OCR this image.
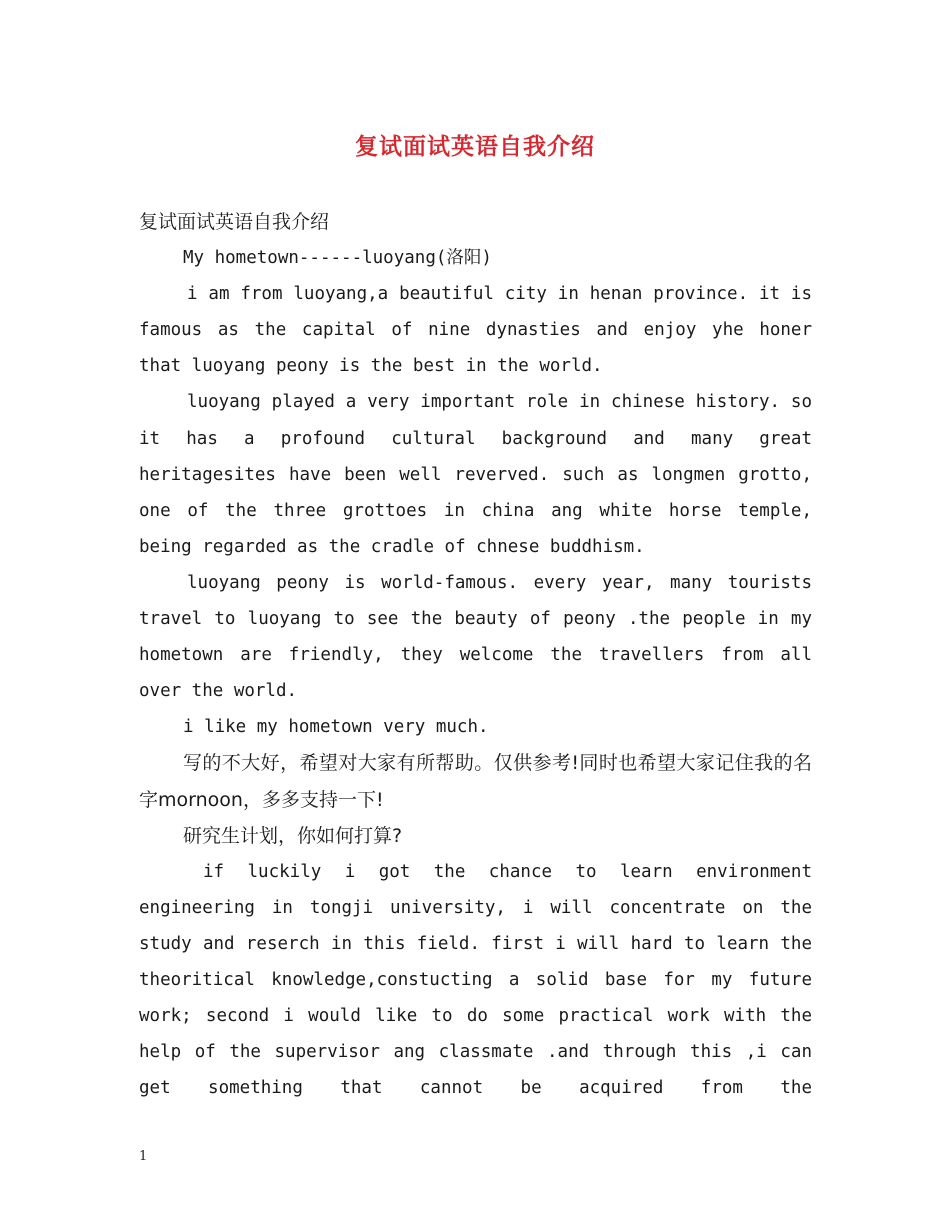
复试面试英语自我介绍

复试面试英语自我介绍

My hometown------luoyang(洛阳)

i am from luoyang,a beautiful city in henan province. it is famous as the capital of nine dynasties and enjoy yhe honer that luoyang peony is the best in the world.

luoyang played a very important role in chinese history. so it has a profound cultural background and many great heritagesites have been well reverved. such as longmen grotto, one of the three grottoes in china ang white horse temple, being regarded as the cradle of chnese buddhism.

luoyang peony is world-famous. every year, many tourists travel to luoyang to see the beauty of peony .the people in my hometown are friendly, they welcome the travellers from all over the world.

i like my hometown very much.

写的不大好，希望对大家有所帮助。仅供参考!同时也希望大家记住我的名字mornoon，多多支持一下!

研究生计划，你如何打算?

if luckily i got the chance to learn environment engineering in tongji university, i will concentrate on the study and reserch in this field. first i will hard to learn the theoritical knowledge,constucting a solid base for my future work; second i would like to do some practical work with the help of the supervisor ang classmate .and through this ,i can get something that cannot be acquired from the

1
